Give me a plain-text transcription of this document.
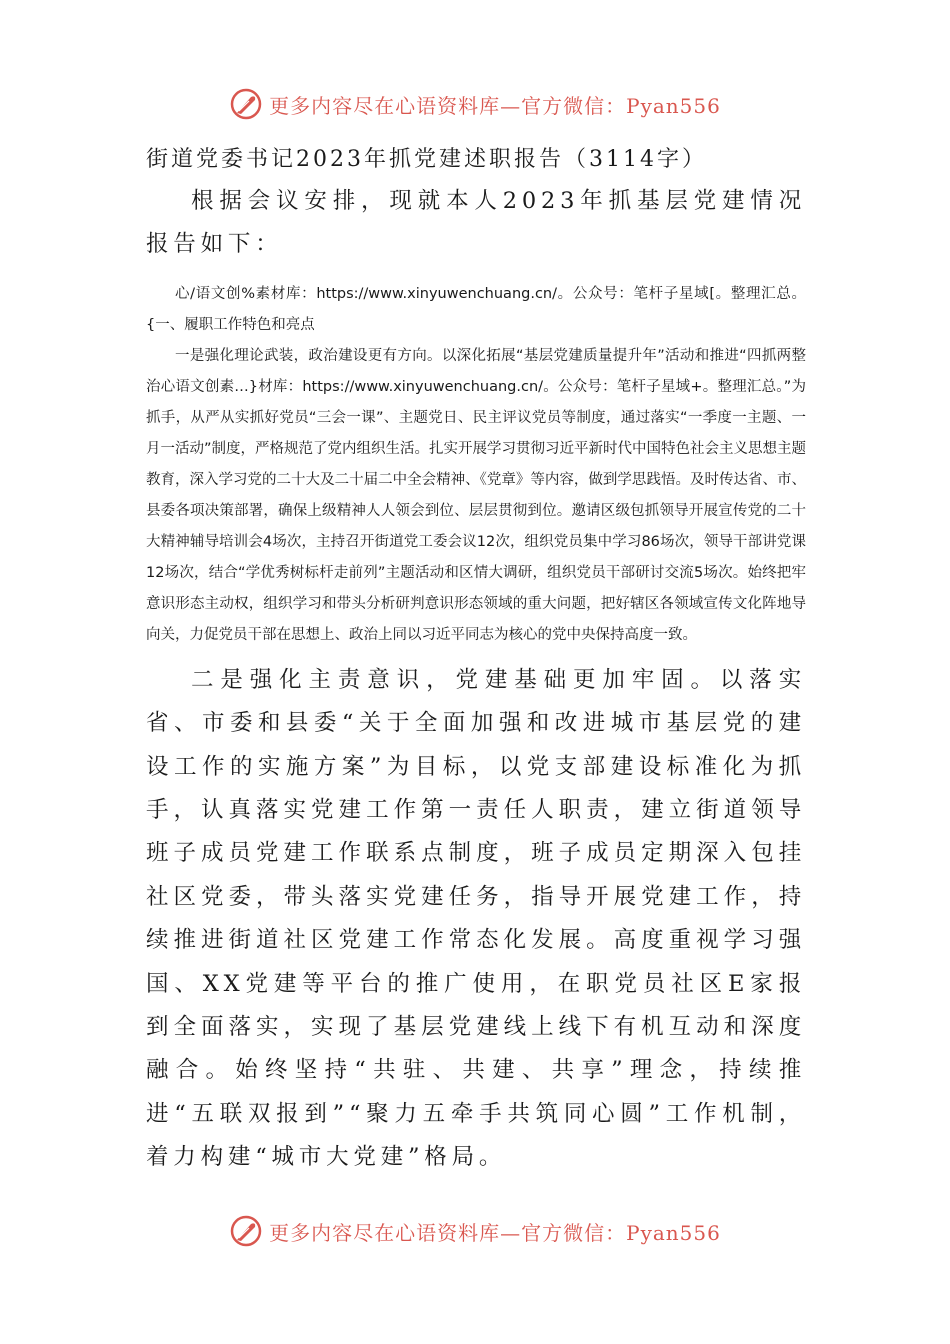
更多内容尽在心语资料库—官方微信：Pyan556
街道党委书记2023年抓党建述职报告（3114字）

根据会议安排，现就本人2023年抓基层党建情况报告如下：

心/语文创%素材库：https://www.xinyuwenchuang.cn/。公众号：笔杆子星域[。整理汇总。{一、履职工作特色和亮点

一是强化理论武装，政治建设更有方向。以深化拓展“基层党建质量提升年”活动和推进“四抓两整治心语文创素…}材库：https://www.xinyuwenchuang.cn/。公众号：笔杆子星域+。整理汇总。”为抓手，从严从实抓好党员“三会一课”、主题党日、民主评议党员等制度，通过落实“一季度一主题、一月一活动”制度，严格规范了党内组织生活。扎实开展学习贯彻习近平新时代中国特色社会主义思想主题教育，深入学习党的二十大及二十届二中全会精神、《党章》等内容，做到学思践悟。及时传达省、市、县委各项决策部署，确保上级精神人人领会到位、层层贯彻到位。邀请区级包抓领导开展宣传党的二十大精神辅导培训会4场次，主持召开街道党工委会议12次，组织党员集中学习86场次，领导干部讲党课12场次，结合“学优秀树标杆走前列”主题活动和区情大调研，组织党员干部研讨交流5场次。始终把牢意识形态主动权，组织学习和带头分析研判意识形态领域的重大问题，把好辖区各领域宣传文化阵地导向关，力促党员干部在思想上、政治上同以习近平同志为核心的党中央保持高度一致。

二是强化主责意识，党建基础更加牢固。以落实省、市委和县委“关于全面加强和改进城市基层党的建设工作的实施方案”为目标，以党支部建设标准化为抓手，认真落实党建工作第一责任人职责，建立街道领导班子成员党建工作联系点制度，班子成员定期深入包挂社区党委，带头落实党建任务，指导开展党建工作，持续推进街道社区党建工作常态化发展。高度重视学习强国、XX党建等平台的推广使用，在职党员社区E家报到全面落实，实现了基层党建线上线下有机互动和深度融合。始终坚持“共驻、共建、共享”理念，持续推进“五联双报到”“聚力五牵手共筑同心圆”工作机制，着力构建“城市大党建”格局。

更多内容尽在心语资料库—官方微信：Pyan556
